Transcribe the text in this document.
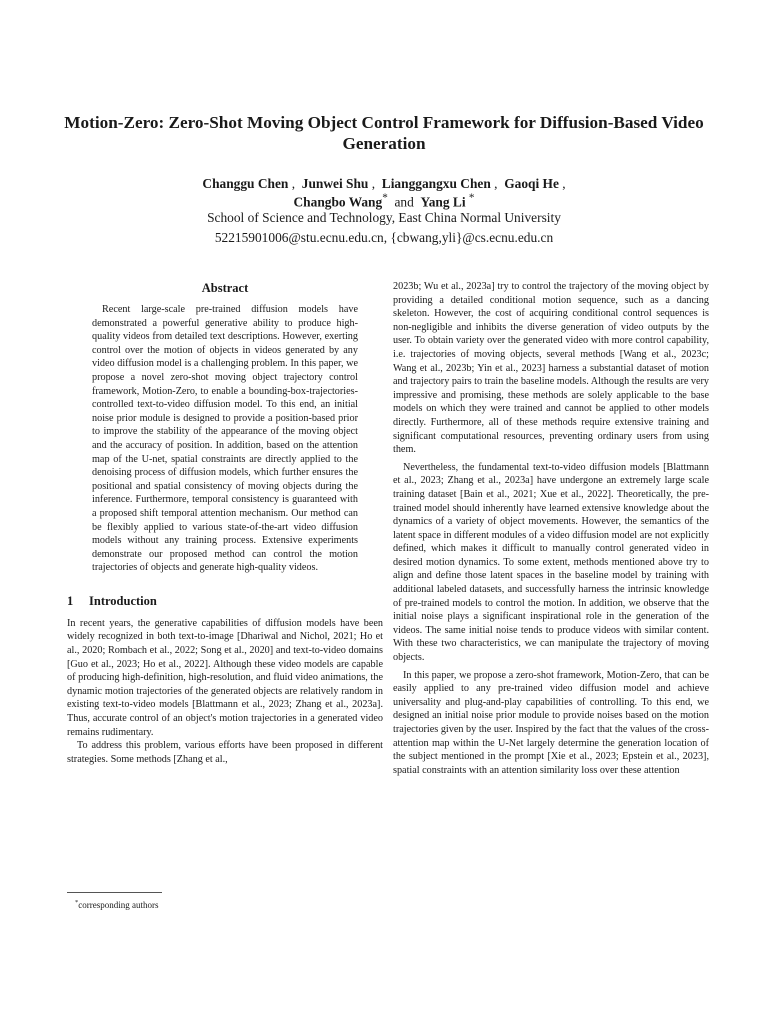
Motion-Zero: Zero-Shot Moving Object Control Framework for Diffusion-Based Video Generation
Changgu Chen ,  Junwei Shu ,  Lianggangxu Chen ,  Gaoqi He ,
Changbo Wang*  and  Yang Li *
School of Science and Technology, East China Normal University
52215901006@stu.ecnu.edu.cn, {cbwang,yli}@cs.ecnu.edu.cn
Abstract

Recent large-scale pre-trained diffusion models have demonstrated a powerful generative ability to produce high-quality videos from detailed text descriptions. However, exerting control over the motion of objects in videos generated by any video diffusion model is a challenging problem. In this paper, we propose a novel zero-shot moving object trajectory control framework, Motion-Zero, to enable a bounding-box-trajectories-controlled text-to-video diffusion model. To this end, an initial noise prior module is designed to provide a position-based prior to improve the stability of the appearance of the moving object and the accuracy of position. In addition, based on the attention map of the U-net, spatial constraints are directly applied to the denoising process of diffusion models, which further ensures the positional and spatial consistency of moving objects during the inference. Furthermore, temporal consistency is guaranteed with a proposed shift temporal attention mechanism. Our method can be flexibly applied to various state-of-the-art video diffusion models without any training process. Extensive experiments demonstrate our proposed method can control the motion trajectories of objects and generate high-quality videos.

1 Introduction

In recent years, the generative capabilities of diffusion models have been widely recognized in both text-to-image [Dhariwal and Nichol, 2021; Ho et al., 2020; Rombach et al., 2022; Song et al., 2020] and text-to-video domains [Guo et al., 2023; Ho et al., 2022]. Although these video models are capable of producing high-definition, high-resolution, and fluid video animations, the dynamic motion trajectories of the generated objects are relatively random in existing text-to-video models [Blattmann et al., 2023; Zhang et al., 2023a]. Thus, accurate control of an object's motion trajectories in a generated video remains rudimentary.

To address this problem, various efforts have been proposed in different strategies. Some methods [Zhang et al.,

*corresponding authors

2023b; Wu et al., 2023a] try to control the trajectory of the moving object by providing a detailed conditional motion sequence, such as a dancing skeleton. However, the cost of acquiring conditional control sequences is non-negligible and inhibits the diverse generation of video outputs by the user. To obtain variety over the generated video with more control capability, i.e. trajectories of moving objects, several methods [Wang et al., 2023c; Wang et al., 2023b; Yin et al., 2023] harness a substantial dataset of motion and trajectory pairs to train the baseline models. Although the results are very impressive and promising, these methods are solely applicable to the base models on which they were trained and cannot be applied to other models directly. Furthermore, all of these methods require extensive training and significant computational resources, preventing ordinary users from using them.

Nevertheless, the fundamental text-to-video diffusion models [Blattmann et al., 2023; Zhang et al., 2023a] have undergone an extremely large scale training dataset [Bain et al., 2021; Xue et al., 2022]. Theoretically, the pre-trained model should inherently have learned extensive knowledge about the dynamics of a variety of object movements. However, the semantics of the latent space in different modules of a video diffusion model are not explicitly defined, which makes it difficult to manually control generated video in desired motion dynamics. To some extent, methods mentioned above try to align and define those latent spaces in the baseline model by training with additional labeled datasets, and successfully harness the intrinsic knowledge of pre-trained models to control the motion. In addition, we observe that the initial noise plays a significant inspirational role in the generation of the videos. The same initial noise tends to produce videos with similar content. With these two characteristics, we can manipulate the trajectory of moving objects.

In this paper, we propose a zero-shot framework, Motion-Zero, that can be easily applied to any pre-trained video diffusion model and achieve universality and plug-and-play capabilities of controlling. To this end, we designed an initial noise prior module to provide noises based on the motion trajectories given by the user. Inspired by the fact that the values of the cross-attention map within the U-Net largely determine the generation location of the subject mentioned in the prompt [Xie et al., 2023; Epstein et al., 2023], spatial constraints with an attention similarity loss over these attention
